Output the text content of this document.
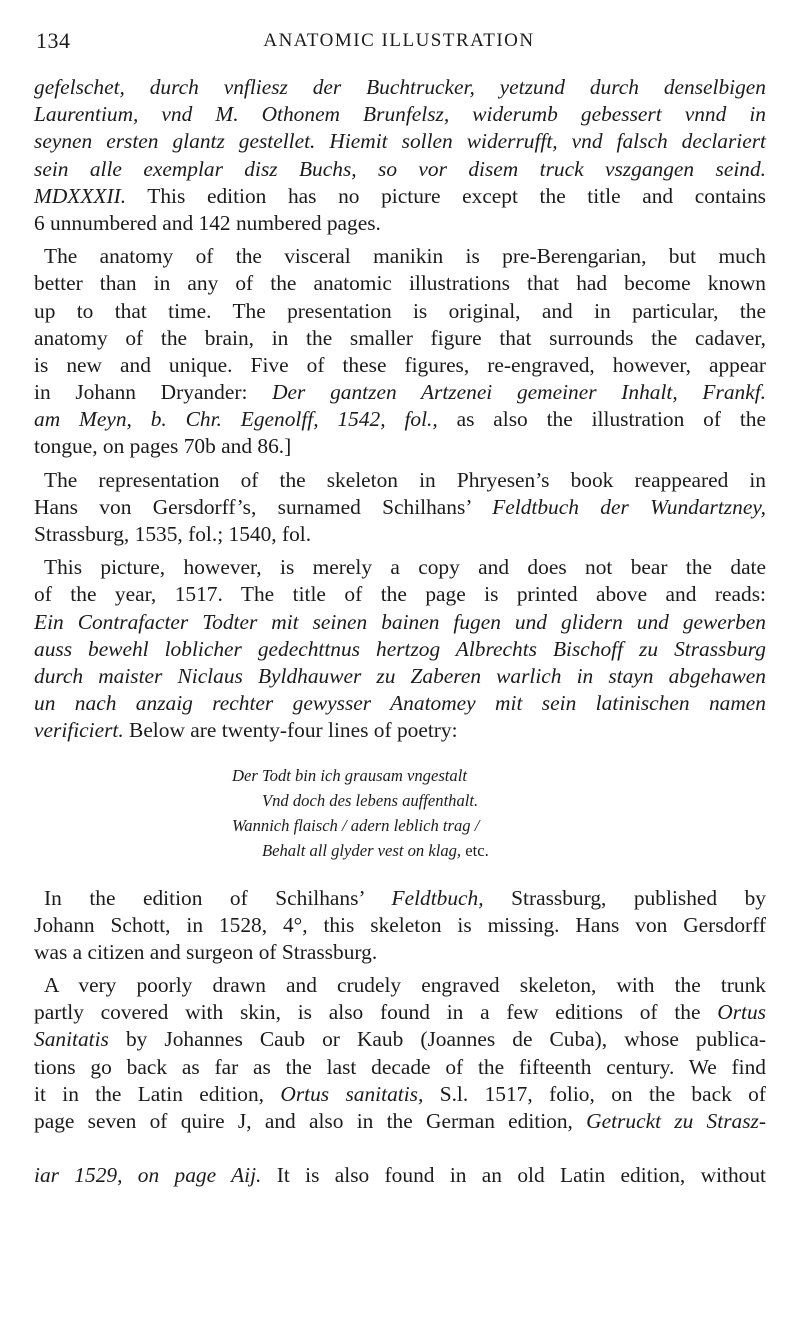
134	ANATOMIC ILLUSTRATION
gefelschet, durch vnfliesz der Buchtrucker, yetzund durch denselbigen
Laurentium, vnd M. Othonem Brunfelsz, widerumb gebessert vnnd in
seynen ersten glantz gestellet. Hiemit sollen widerrufft, vnd falsch declariert
sein alle exemplar disz Buchs, so vor disem truck vszgangen seind.
MDXXXII. This edition has no picture except the title and contains
6 unnumbered and 142 numbered pages.
The anatomy of the visceral manikin is pre-Berengarian, but much
better than in any of the anatomic illustrations that had become known
up to that time. The presentation is original, and in particular, the
anatomy of the brain, in the smaller figure that surrounds the cadaver,
is new and unique. Five of these figures, re-engraved, however, appear
in Johann Dryander: Der gantzen Artzenei gemeiner Inhalt, Frankf.
am Meyn, b. Chr. Egenolff, 1542, fol., as also the illustration of the
tongue, on pages 70b and 86.]
The representation of the skeleton in Phryesen’s book reappeared in
Hans von Gersdorff’s, surnamed Schilhans’ Feldtbuch der Wundartzney,
Strassburg, 1535, fol.; 1540, fol.
This picture, however, is merely a copy and does not bear the date
of the year, 1517. The title of the page is printed above and reads:
Ein Contrafacter Todter mit seinen bainen fugen und glidern und gewerben
auss bewehl loblicher gedechttnus hertzog Albrechts Bischoff zu Strassburg
durch maister Niclaus Byldhauwer zu Zaberen warlich in stayn abgehawen
un nach anzaig rechter gewysser Anatomey mit sein latinischen namen
verificiert. Below are twenty-four lines of poetry:
Der Todt bin ich grausam vngestalt
Vnd doch des lebens auffenthalt.
Wannich flaisch / adern leblich trag /
Behalt all glyder vest on klag, etc.
In the edition of Schilhans’ Feldtbuch, Strassburg, published by
Johann Schott, in 1528, 4°, this skeleton is missing. Hans von Gersdorff
was a citizen and surgeon of Strassburg.
A very poorly drawn and crudely engraved skeleton, with the trunk
partly covered with skin, is also found in a few editions of the Ortus
Sanitatis by Johannes Caub or Kaub (Joannes de Cuba), whose publica-
tions go back as far as the last decade of the fifteenth century. We find
it in the Latin edition, Ortus sanitatis, S.l. 1517, folio, on the back of
page seven of quire J, and also in the German edition, Getruckt zu Strasz-
iar 1529, on page Aij. It is also found in an old Latin edition, without
